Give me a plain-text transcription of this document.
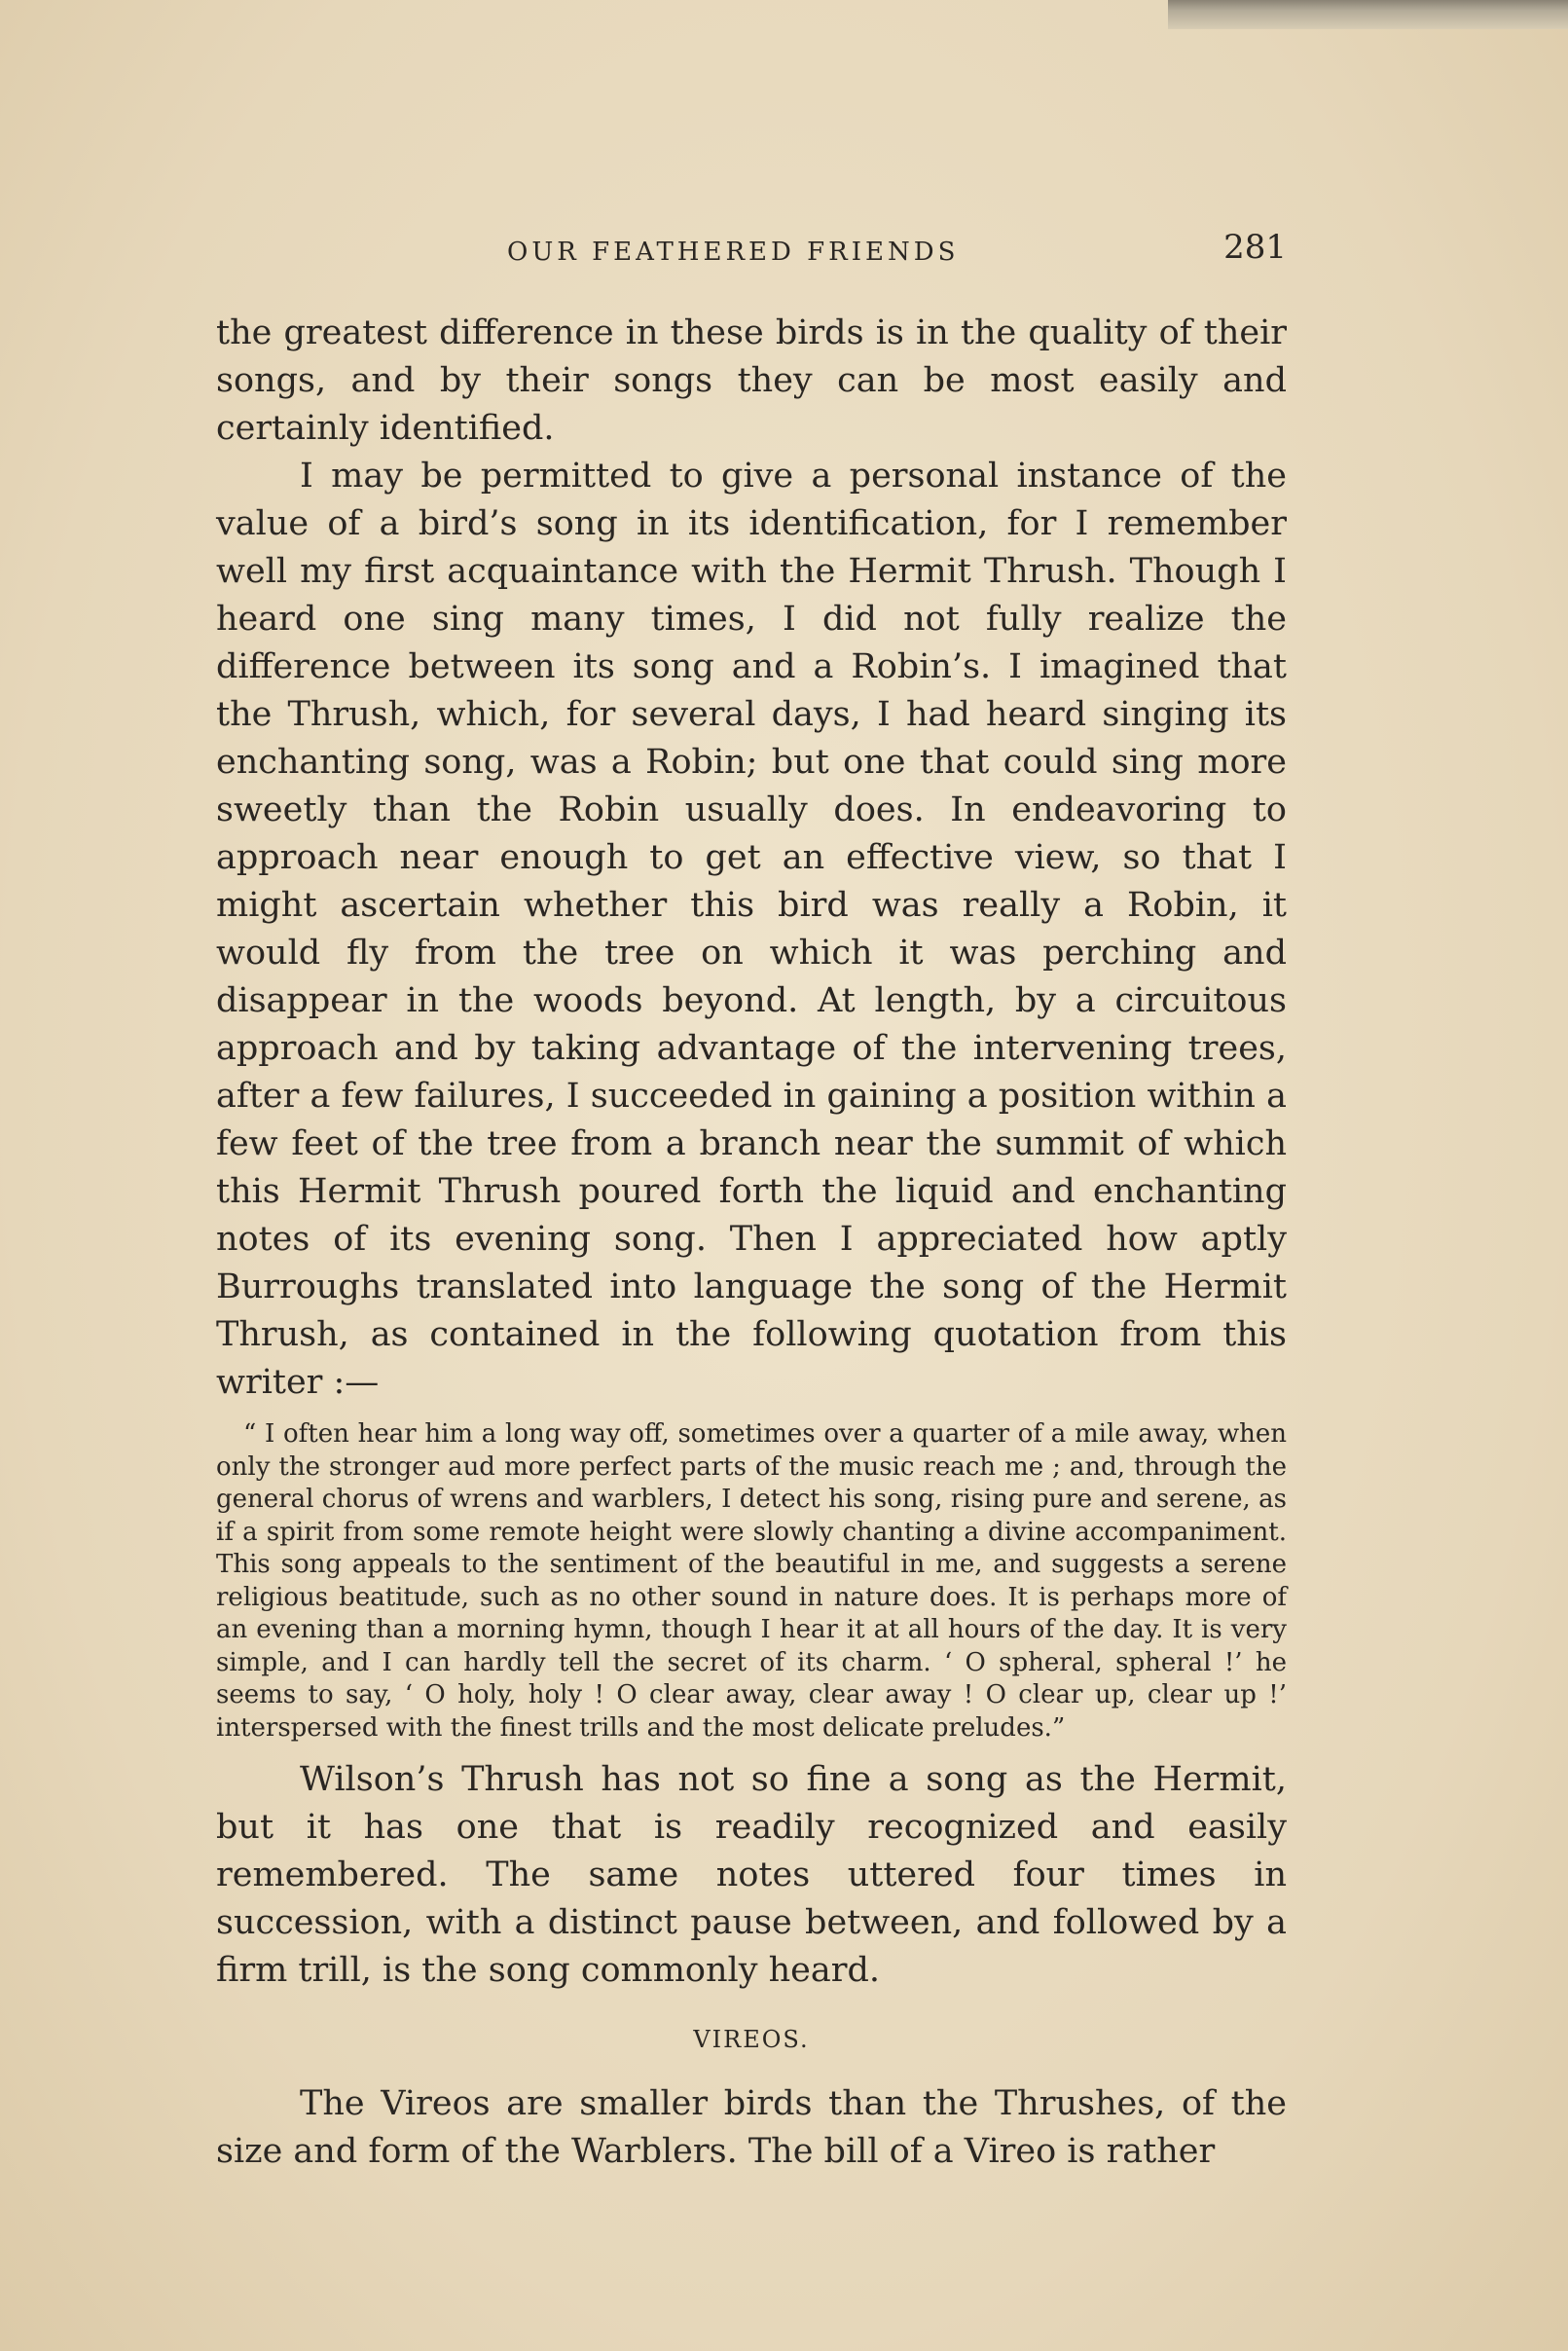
OUR FEATHERED FRIENDS	281

the greatest difference in these birds is in the quality of their songs, and by their songs they can be most easily and certainly identified.

I may be permitted to give a personal instance of the value of a bird’s song in its identification, for I remember well my first acquaintance with the Hermit Thrush. Though I heard one sing many times, I did not fully realize the difference between its song and a Robin’s. I imagined that the Thrush, which, for several days, I had heard singing its enchanting song, was a Robin; but one that could sing more sweetly than the Robin usually does. In endeavoring to approach near enough to get an effective view, so that I might ascertain whether this bird was really a Robin, it would fly from the tree on which it was perching and disappear in the woods beyond. At length, by a circuitous approach and by taking advantage of the intervening trees, after a few failures, I succeeded in gaining a position within a few feet of the tree from a branch near the summit of which this Hermit Thrush poured forth the liquid and enchanting notes of its evening song. Then I appreciated how aptly Burroughs translated into language the song of the Hermit Thrush, as contained in the following quotation from this writer :—

“ I often hear him a long way off, sometimes over a quarter of a mile away, when only the stronger aud more perfect parts of the music reach me ; and, through the general chorus of wrens and warblers, I detect his song, rising pure and serene, as if a spirit from some remote height were slowly chanting a divine accompaniment. This song appeals to the sentiment of the beautiful in me, and suggests a serene religious beatitude, such as no other sound in nature does. It is perhaps more of an evening than a morning hymn, though I hear it at all hours of the day. It is very simple, and I can hardly tell the secret of its charm. ‘ O spheral, spheral !’ he seems to say, ‘ O holy, holy ! O clear away, clear away ! O clear up, clear up !’ interspersed with the finest trills and the most delicate preludes.”

Wilson’s Thrush has not so fine a song as the Hermit, but it has one that is readily recognized and easily remembered. The same notes uttered four times in succession, with a distinct pause between, and followed by a firm trill, is the song commonly heard.

VIREOS.

The Vireos are smaller birds than the Thrushes, of the size and form of the Warblers. The bill of a Vireo is rather
